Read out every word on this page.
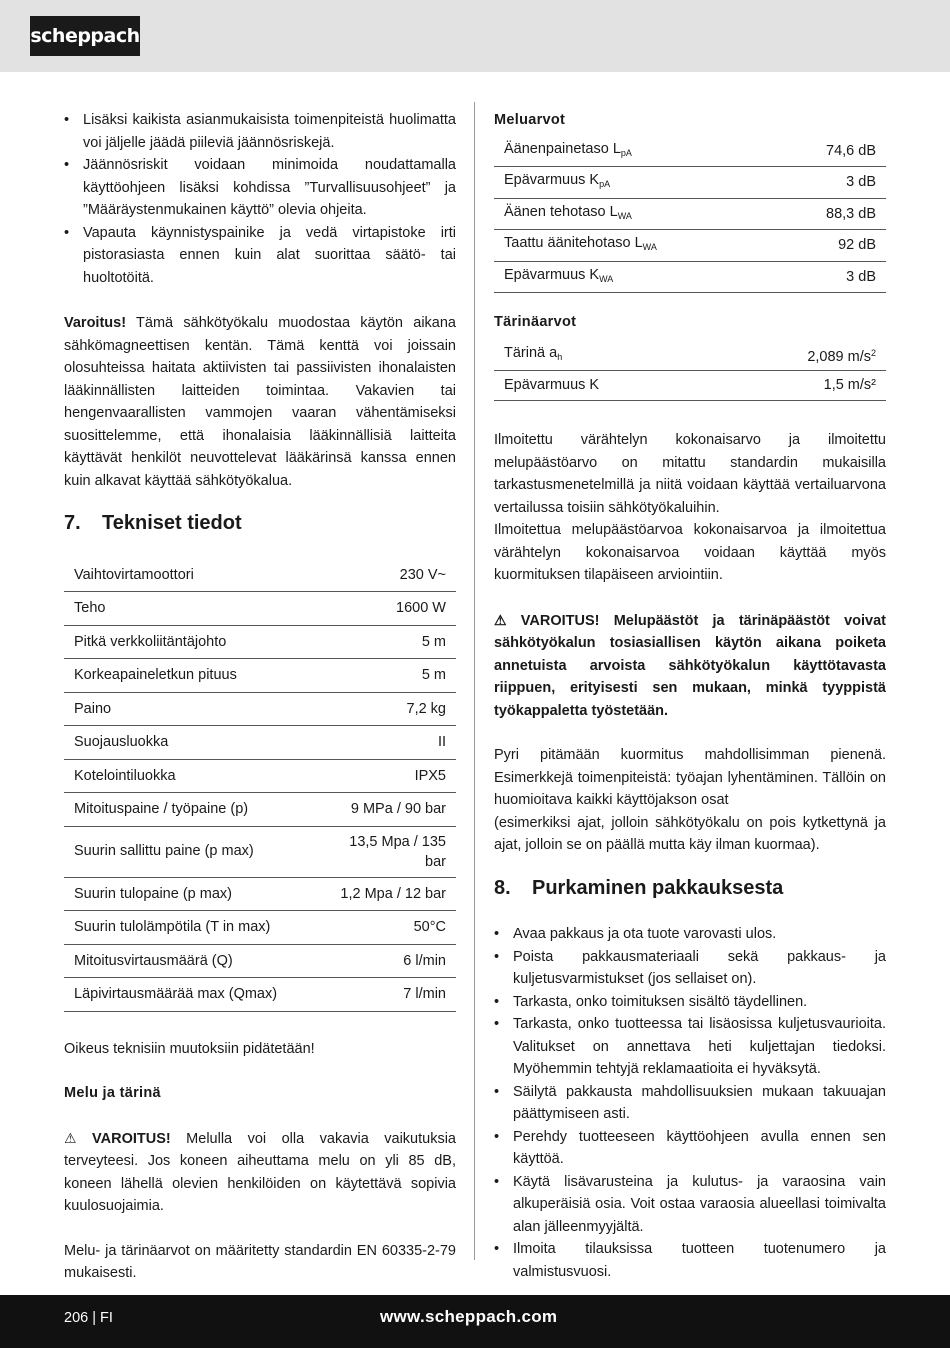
scheppach
• Lisäksi kaikista asianmukaisista toimenpiteistä huolimatta voi jäljelle jäädä piileviä jäännösriskejä.
• Jäännösriskit voidaan minimoida noudattamalla käyttöohjeen lisäksi kohdissa ”Turvallisuusohjeet” ja ”Määräystenmukainen käyttö” olevia ohjeita.
• Vapauta käynnistyspainike ja vedä virtapistoke irti pistorasiasta ennen kuin alat suorittaa säätö- tai huoltotöitä.

Varoitus! Tämä sähkötyökalu muodostaa käytön aikana sähkömagneettisen kentän. Tämä kenttä voi joissain olosuhteissa haitata aktiivisten tai passiivisten ihonalaisten lääkinnällisten laitteiden toimintaa. Vakavien tai hengenvaarallisten vammojen vaaran vähentämiseksi suosittelemme, että ihonalaisia lääkinnällisiä laitteita käyttävät henkilöt neuvottelevat lääkärinsä kanssa ennen kuin alkavat käyttää sähkötyökalua.

7.	Tekniset tiedot
Vaihtovirtamoottori	230 V~
Teho	1600 W
Pitkä verkkoliitäntäjohto	5 m
Korkeapaineletkun pituus	5 m
Paino	7,2 kg
Suojausluokka	II
Kotelointiluokka	IPX5
Mitoituspaine / työpaine (p)	9 MPa / 90 bar
Suurin sallittu paine (p max)	13,5 Mpa / 135 bar
Suurin tulopaine (p max)	1,2 Mpa / 12 bar
Suurin tulolämpötila (T in max)	50°C
Mitoitusvirtausmäärä (Q)	6 l/min
Läpivirtausmäärää max (Qmax)	7 l/min

Oikeus teknisiin muutoksiin pidätetään!

Melu ja tärinä

⚠ VAROITUS! Melulla voi olla vakavia vaikutuksia terveyteesi. Jos koneen aiheuttama melu on yli 85 dB, koneen lähellä olevien henkilöiden on käytettävä sopivia kuulosuojaimia.

Melu- ja tärinäarvot on määritetty standardin EN 60335-2-79 mukaisesti.

Meluarvot

Äänenpainetaso $L_{pA}$	74,6 dB
Epävarmuus $K_{pA}$	3 dB
Äänen tehotaso $L_{WA}$	88,3 dB
Taattu äänitehotaso $L_{WA}$	92 dB
Epävarmuus $K_{WA}$	3 dB

Tärinäarvot

Tärinä $a_h$	2,089 $m/s^2$
Epävarmuus K	1,5 m/s²

Ilmoitettu värähtelyn kokonaisarvo ja ilmoitettu melupäästöarvo on mitattu standardin mukaisilla tarkastusmenetelmillä ja niitä voidaan käyttää vertailuarvona vertailussa toisiin sähkötyökaluihin.

Ilmoitettua melupäästöarvoa kokonaisarvoa ja ilmoitettua värähtelyn kokonaisarvoa voidaan käyttää myös kuormituksen tilapäiseen arviointiin.

⚠ VAROITUS! Melupäästöt ja tärinäpäästöt voivat sähkötyökalun tosiasiallisen käytön aikana poiketa annetuista arvoista sähkötyökalun käyttötavasta riippuen, erityisesti sen mukaan, minkä tyyppistä työkappaletta työstetään.

Pyri pitämään kuormitus mahdollisimman pienenä. Esimerkkejä toimenpiteistä: työajan lyhentäminen. Tällöin on huomioitava kaikki käyttöjakson osat

(esimerkiksi ajat, jolloin sähkötyökalu on pois kytkettynä ja ajat, jolloin se on päällä mutta käy ilman kuormaa).

8.	Purkaminen pakkauksesta
• Avaa pakkaus ja ota tuote varovasti ulos.
• Poista pakkausmateriaali sekä pakkaus- ja kuljetusvarmistukset (jos sellaiset on).
• Tarkasta, onko toimituksen sisältö täydellinen.
• Tarkasta, onko tuotteessa tai lisäosissa kuljetusvaurioita. Valitukset on annettava heti kuljettajan tiedoksi. Myöhemmin tehtyjä reklamaatioita ei hyväksytä.
• Säilytä pakkausta mahdollisuuksien mukaan takuuajan päättymiseen asti.
• Perehdy tuotteeseen käyttöohjeen avulla ennen sen käyttöä.
• Käytä lisävarusteina ja kulutus- ja varaosina vain alkuperäisiä osia. Voit ostaa varaosia alueellasi toimivalta alan jälleenmyyjältä.
• Ilmoita tilauksissa tuotteen tuotenumero ja valmistusvuosi.
206 | FI	www.scheppach.com
